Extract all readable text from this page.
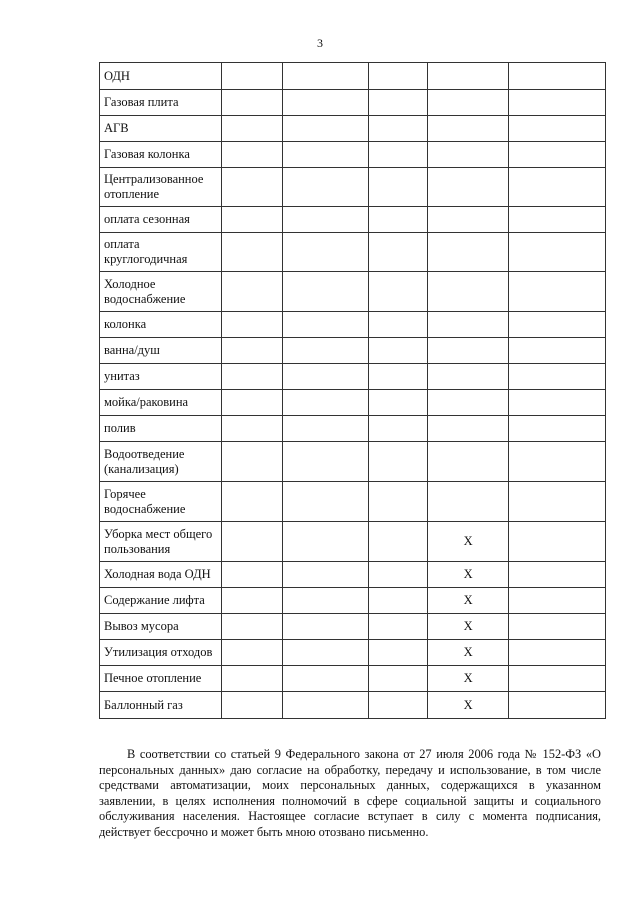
3
ОДН					
Газовая плита					
АГВ					
Газовая колонка					
Централизованное отопление					
оплата сезонная					
оплата круглогодичная					
Холодное водоснабжение					
колонка					
ванна/душ					
унитаз					
мойка/раковина					
полив					
Водоотведение (канализация)					
Горячее водоснабжение					
Уборка мест общего пользования				X	
Холодная вода ОДН				X	
Содержание лифта				X	
Вывоз мусора				X	
Утилизация отходов				X	
Печное отопление				X	
Баллонный газ				X	

В соответствии со статьей 9 Федерального закона от 27 июля 2006 года № 152-ФЗ «О персональных данных» даю согласие на обработку, передачу и использование, в том числе средствами автоматизации, моих персональных данных, содержащихся в указанном заявлении, в целях исполнения полномочий в сфере социальной защиты и социального обслуживания населения. Настоящее согласие вступает в силу с момента подписания, действует бессрочно и может быть мною отозвано письменно.
